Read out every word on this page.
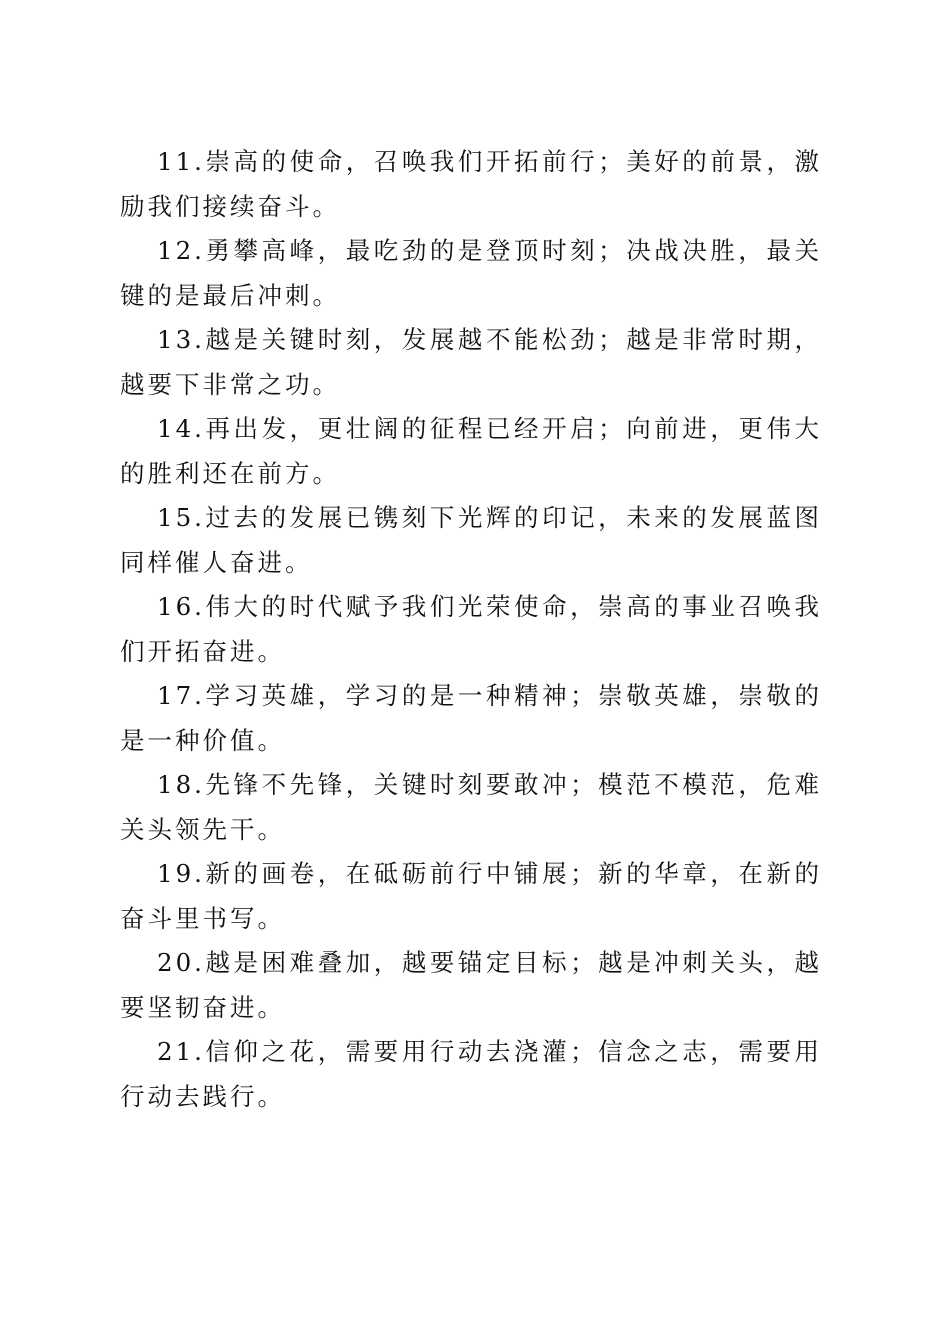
11.崇高的使命，召唤我们开拓前行；美好的前景，激励我们接续奋斗。

12.勇攀高峰，最吃劲的是登顶时刻；决战决胜，最关键的是最后冲刺。

13.越是关键时刻，发展越不能松劲；越是非常时期，越要下非常之功。

14.再出发，更壮阔的征程已经开启；向前进，更伟大的胜利还在前方。

15.过去的发展已镌刻下光辉的印记，未来的发展蓝图同样催人奋进。

16.伟大的时代赋予我们光荣使命，崇高的事业召唤我们开拓奋进。

17.学习英雄，学习的是一种精神；崇敬英雄，崇敬的是一种价值。

18.先锋不先锋，关键时刻要敢冲；模范不模范，危难关头领先干。

19.新的画卷，在砥砺前行中铺展；新的华章，在新的奋斗里书写。

20.越是困难叠加，越要锚定目标；越是冲刺关头，越要坚韧奋进。

21.信仰之花，需要用行动去浇灌；信念之志，需要用行动去践行。
